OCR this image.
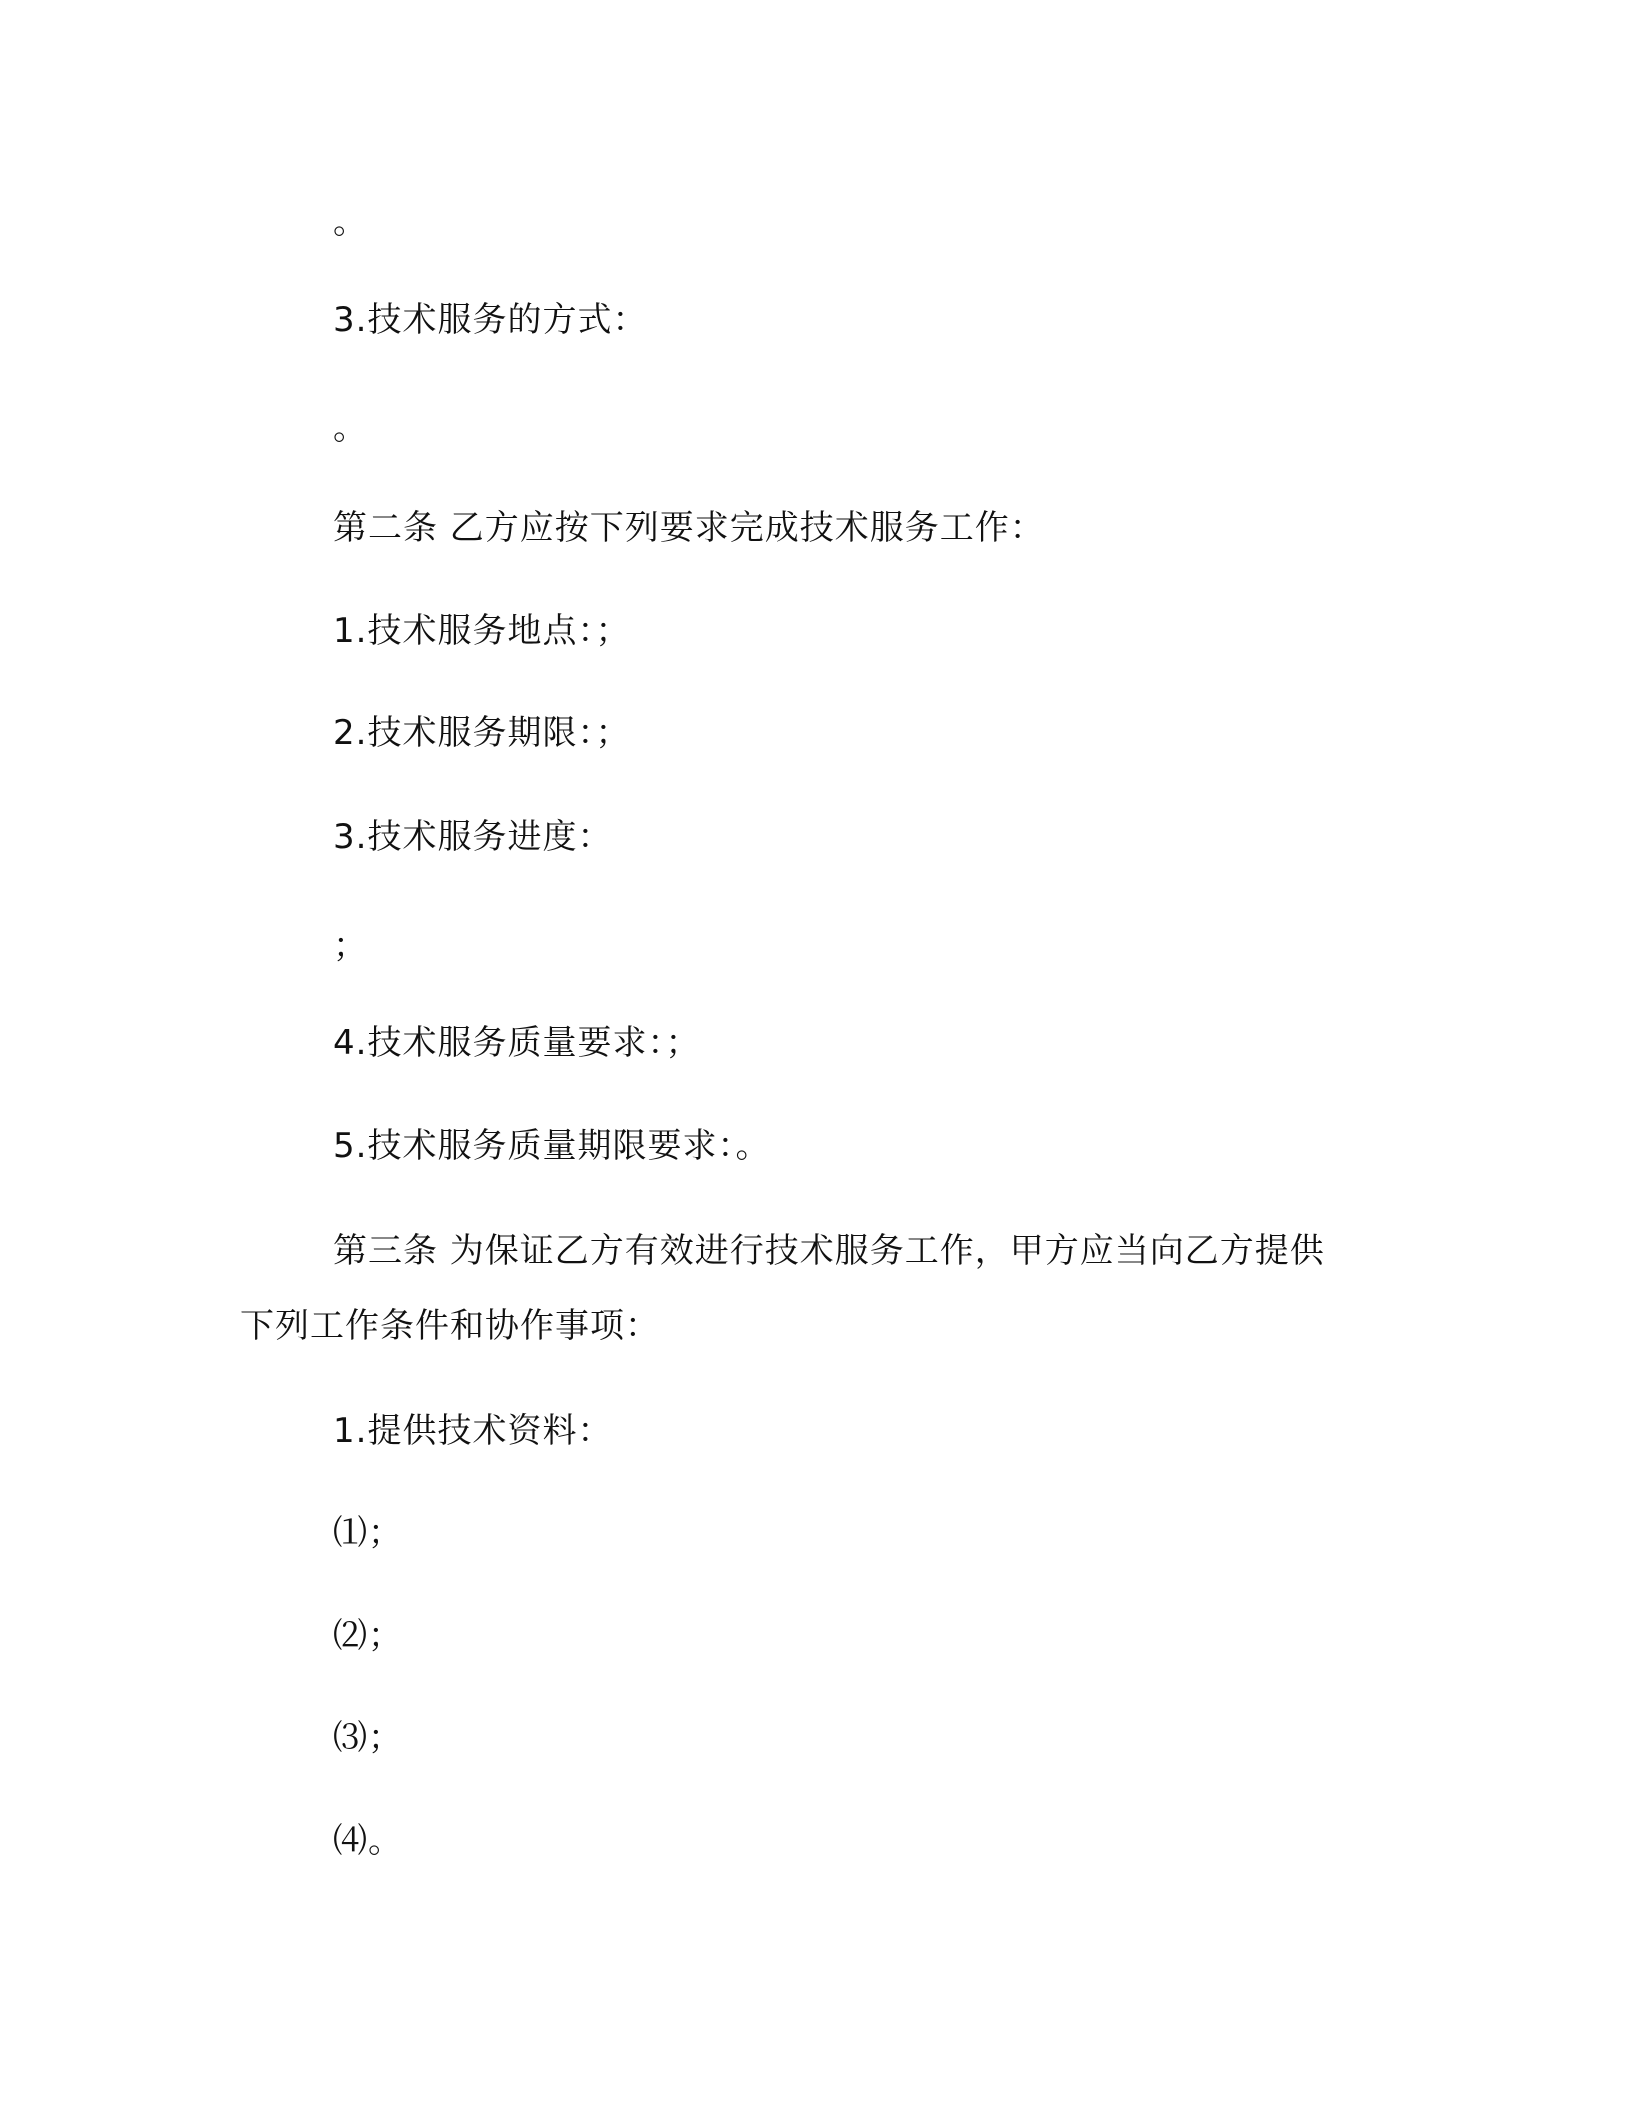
。
3.技术服务的方式：
。
第二条 乙方应按下列要求完成技术服务工作：
1.技术服务地点：；
2.技术服务期限：；
3.技术服务进度：
；
4.技术服务质量要求：；
5.技术服务质量期限要求：。
第三条 为保证乙方有效进行技术服务工作，甲方应当向乙方提供
下列工作条件和协作事项：
1.提供技术资料：
⑴；
⑵；
⑶；
⑷。
